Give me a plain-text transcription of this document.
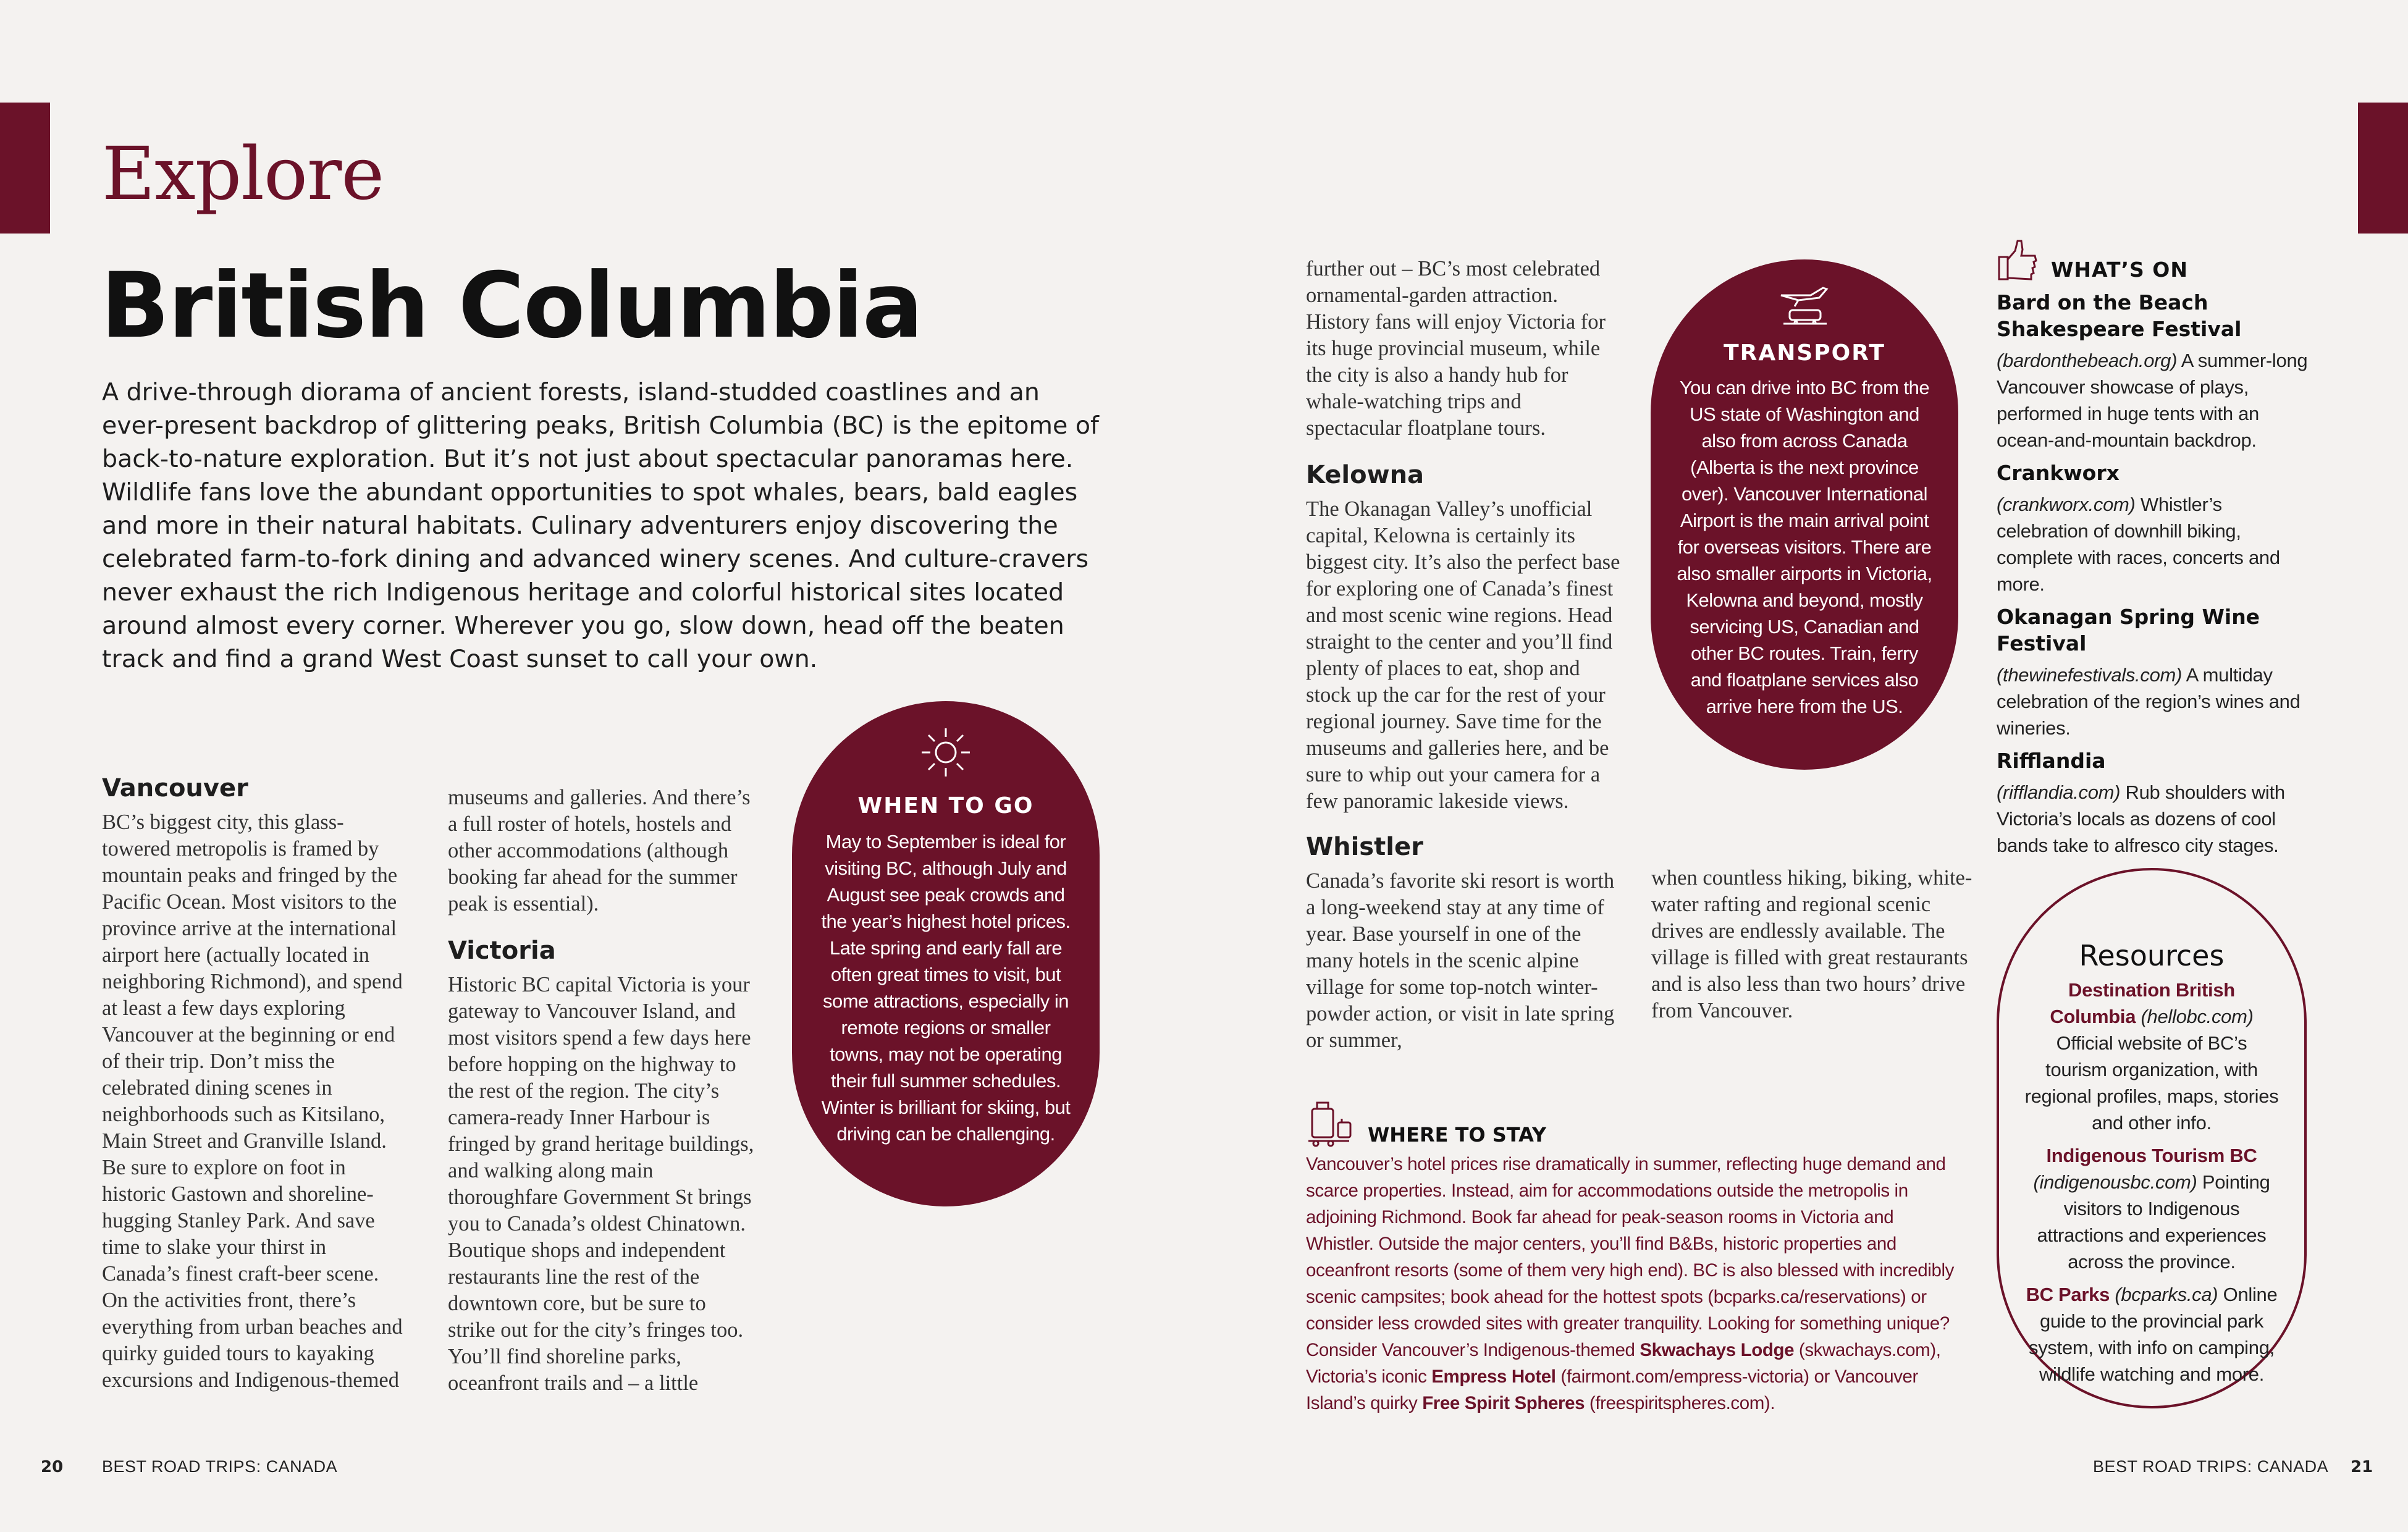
Explore
British Columbia
A drive-through diorama of ancient forests, island-studded coastlines and an ever-present backdrop of glittering peaks, British Columbia (BC) is the epitome of back-to-nature exploration. But it’s not just about spectacular panoramas here. Wildlife fans love the abundant opportunities to spot whales, bears, bald eagles and more in their natural habitats. Culinary adventurers enjoy discovering the celebrated farm-to-fork dining and advanced winery scenes. And culture-cravers never exhaust the rich Indigenous heritage and colorful historical sites located around almost every corner. Wherever you go, slow down, head off the beaten track and find a grand West Coast sunset to call your own.
Vancouver

BC’s biggest city, this glass-towered metropolis is framed by mountain peaks and fringed by the Pacific Ocean. Most visitors to the province arrive at the international airport here (actually located in neighboring Richmond), and spend at least a few days exploring Vancouver at the beginning or end of their trip. Don’t miss the celebrated dining scenes in neighborhoods such as Kitsilano, Main Street and Granville Island. Be sure to explore on foot in historic Gastown and shoreline-hugging Stanley Park. And save time to slake your thirst in Canada’s finest craft-beer scene. On the activities front, there’s everything from urban beaches and quirky guided tours to kayaking excursions and Indigenous-themed

museums and galleries. And there’s a full roster of hotels, hostels and other accommodations (although booking far ahead for the summer peak is essential).

Victoria

Historic BC capital Victoria is your gateway to Vancouver Island, and most visitors spend a few days here before hopping on the highway to the rest of the region. The city’s camera-ready Inner Harbour is fringed by grand heritage buildings, and walking along main thoroughfare Government St brings you to Canada’s oldest Chinatown. Boutique shops and independent restaurants line the rest of the downtown core, but be sure to strike out for the city’s fringes too. You’ll find shoreline parks, oceanfront trails and – a little

WHEN TO GO
May to September is ideal for visiting BC, although July and August see peak crowds and the year’s highest hotel prices. Late spring and early fall are often great times to visit, but some attractions, especially in remote regions or smaller towns, may not be operating their full summer schedules. Winter is brilliant for skiing, but driving can be challenging.

further out – BC’s most celebrated ornamental-garden attraction. History fans will enjoy Victoria for its huge provincial museum, while the city is also a handy hub for whale-watching trips and spectacular floatplane tours.

Kelowna

The Okanagan Valley’s unofficial capital, Kelowna is certainly its biggest city. It’s also the perfect base for exploring one of Canada’s finest and most scenic wine regions. Head straight to the center and you’ll find plenty of places to eat, shop and stock up the car for the rest of your regional journey. Save time for the museums and galleries here, and be sure to whip out your camera for a few panoramic lakeside views.

Whistler

Canada’s favorite ski resort is worth a long-weekend stay at any time of year. Base yourself in one of the many hotels in the scenic alpine village for some top-notch winter-powder action, or visit in late spring or summer,

when countless hiking, biking, white-water rafting and regional scenic drives are endlessly available. The village is filled with great restaurants and is also less than two hours’ drive from Vancouver.

TRANSPORT
You can drive into BC from the US state of Washington and also from across Canada (Alberta is the next province over). Vancouver International Airport is the main arrival point for overseas visitors. There are also smaller airports in Victoria, Kelowna and beyond, mostly servicing US, Canadian and other BC routes. Train, ferry and floatplane services also arrive here from the US.
WHERE TO STAY
Vancouver’s hotel prices rise dramatically in summer, reflecting huge demand and scarce properties. Instead, aim for accommodations outside the metropolis in adjoining Richmond. Book far ahead for peak-season rooms in Victoria and Whistler. Outside the major centers, you’ll find B&Bs, historic properties and oceanfront resorts (some of them very high end). BC is also blessed with incredibly scenic campsites; book ahead for the hottest spots (bcparks.ca/reservations) or consider less crowded sites with greater tranquility. Looking for something unique? Consider Vancouver’s Indigenous-themed Skwachays Lodge (skwachays.com), Victoria’s iconic Empress Hotel (fairmont.com/empress-victoria) or Vancouver Island’s quirky Free Spirit Spheres (freespiritspheres.com).
WHAT’S ON
Bard on the Beach Shakespeare Festival
(bardonthebeach.org) A summer-long Vancouver showcase of plays, performed in huge tents with an ocean-and-mountain backdrop.
Crankworx
(crankworx.com) Whistler’s celebration of downhill biking, complete with races, concerts and more.
Okanagan Spring Wine Festival
(thewinefestivals.com) A multiday celebration of the region’s wines and wineries.
Rifflandia
(rifflandia.com) Rub shoulders with Victoria’s locals as dozens of cool bands take to alfresco city stages.
Resources
Destination British Columbia (hellobc.com) Official website of BC’s tourism organization, with regional profiles, maps, stories and other info.
Indigenous Tourism BC (indigenousbc.com) Pointing visitors to Indigenous attractions and experiences across the province.
BC Parks (bcparks.ca) Online guide to the provincial park system, with info on camping, wildlife watching and more.
20 BEST ROAD TRIPS: CANADA	BEST ROAD TRIPS: CANADA 21
